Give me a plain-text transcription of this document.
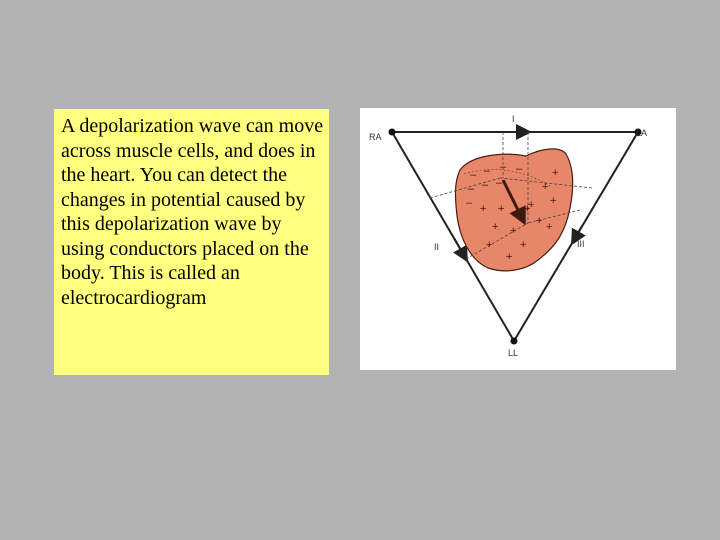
A depolarization wave can move across muscle cells, and does in the heart. You can detect the changes in potential caused by this depolarization wave by using conductors placed on the body. This is called an electrocardiogram
– – – –
– – –
–
+
+
+
+
+ +
+ +
+ +
+
+
+
+
RA	LA
LL
I
II	III
